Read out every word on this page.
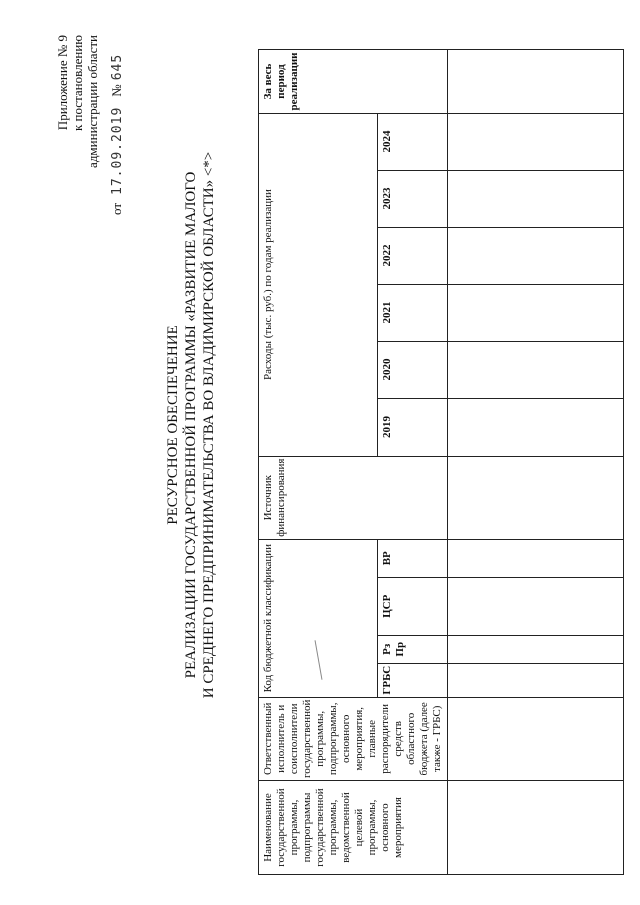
Приложение № 9 к постановлению администрации области
от 17.09.2019 № 645
РЕСУРСНОЕ ОБЕСПЕЧЕНИЕ РЕАЛИЗАЦИИ ГОСУДАРСТВЕННОЙ ПРОГРАММЫ «РАЗВИТИЕ МАЛОГО И СРЕДНЕГО ПРЕДПРИНИМАТЕЛЬСТВА ВО ВЛАДИМИРСКОЙ ОБЛАСТИ» <*>
Наименование государственной программы, подпрограммы государственной программы, ведомственной целевой программы, основного мероприятия	Ответственный исполнитель и соисполнители государственной программы, подпрограммы, основного мероприятия, главные распорядители средств областного бюджета (далее также - ГРБС)	Код бюджетной классификации				Источник финансирования	Расходы (тыс. руб.) по годам реализации						За весь период реализации
		ГРБС	Рз Пр	ЦСР	ВР		2019	2020	2021	2022	2023	2024	
